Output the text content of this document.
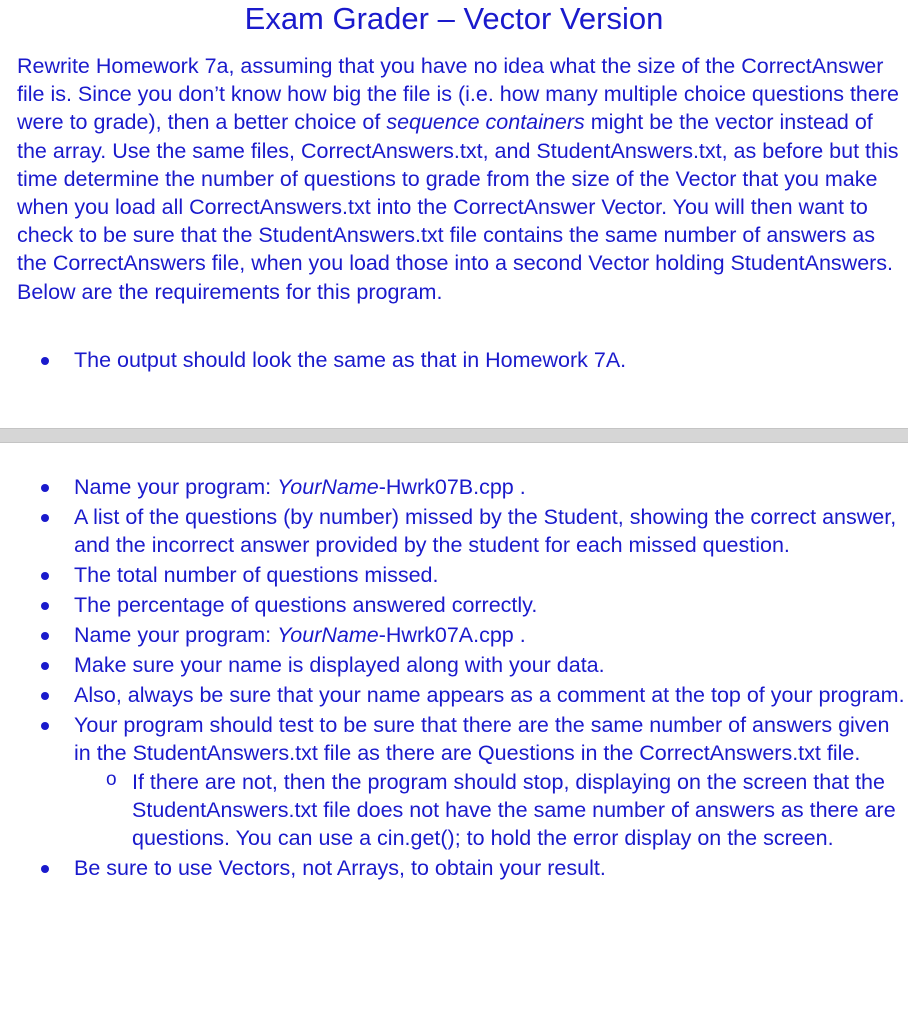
Exam Grader – Vector Version

Rewrite Homework 7a, assuming that you have no idea what the size of the CorrectAnswer file is. Since you don’t know how big the file is (i.e. how many multiple choice questions there were to grade), then a better choice of sequence containers might be the vector instead of the array. Use the same files, CorrectAnswers.txt, and StudentAnswers.txt, as before but this time determine the number of questions to grade from the size of the Vector that you make when you load all CorrectAnswers.txt into the CorrectAnswer Vector. You will then want to check to be sure that the StudentAnswers.txt file contains the same number of answers as the CorrectAnswers file, when you load those into a second Vector holding StudentAnswers. Below are the requirements for this program.

The output should look the same as that in Homework 7A.
Name your program: YourName-Hwrk07B.cpp .
A list of the questions (by number) missed by the Student, showing the correct answer, and the incorrect answer provided by the student for each missed question.
The total number of questions missed.
The percentage of questions answered correctly.
Name your program: YourName-Hwrk07A.cpp .
Make sure your name is displayed along with your data.
Also, always be sure that your name appears as a comment at the top of your program.
Your program should test to be sure that there are the same number of answers given in the StudentAnswers.txt file as there are Questions in the CorrectAnswers.txt file.
o If there are not, then the program should stop, displaying on the screen that the
StudentAnswers.txt file does not have the same number of answers as there are questions. You can use a cin.get(); to hold the error display on the screen.
Be sure to use Vectors, not Arrays, to obtain your result.
